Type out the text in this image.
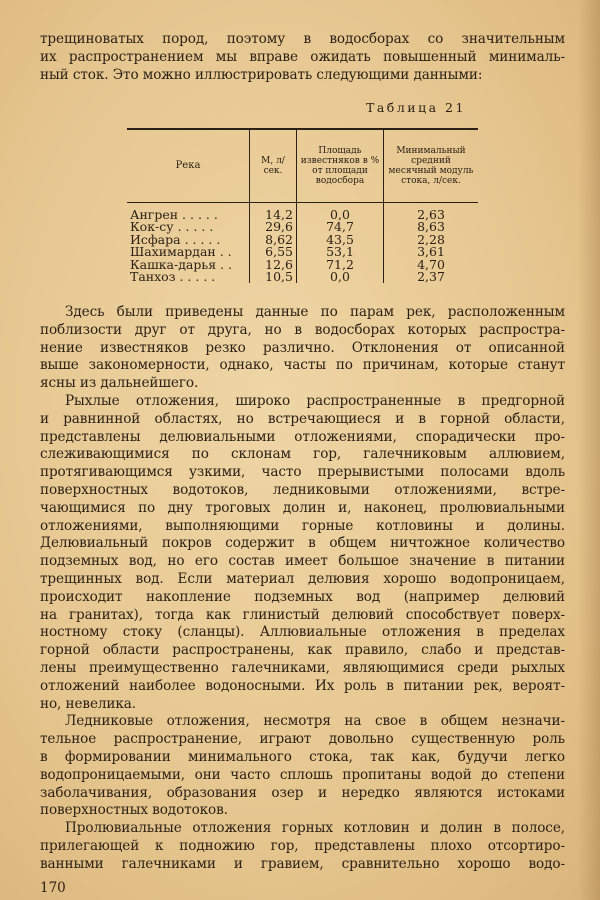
трещиноватых пород, поэтому в водосборах со значительным
их распространением мы вправе ожидать повышенный минималь-
ный сток. Это можно иллюстрировать следующими данными:
Таблица 21
Река	M, л/сек.	Площадь известняков в % от площади водосбора	Минимальный средний месячный модуль стока, л/сек.
Ангрен . . . . .	14,2	0,0	2,63
Кок-су . . . . .	29,6	74,7	8,63
Исфара . . . . .	8,62	43,5	2,28
Шахимардан . .	6,55	53,1	3,61
Кашка-дарья . .	12,6	71,2	4,70
Танхоз . . . . .	10,5	0,0	2,37
Здесь были приведены данные по парам рек, расположенным
поблизости друг от друга, но в водосборах которых распростра-
нение известняков резко различно. Отклонения от описанной
выше закономерности, однако, часты по причинам, которые станут
ясны из дальнейшего.
Рыхлые отложения, широко распространенные в предгорной
и равнинной областях, но встречающиеся и в горной области,
представлены делювиальными отложениями, спорадически про-
слеживающимися по склонам гор, галечниковым аллювием,
протягивающимся узкими, часто прерывистыми полосами вдоль
поверхностных водотоков, ледниковыми отложениями, встре-
чающимися по дну троговых долин и, наконец, пролювиальными
отложениями, выполняющими горные котловины и долины.
Делювиальный покров содержит в общем ничтожное количество
подземных вод, но его состав имеет большое значение в питании
трещинных вод. Если материал делювия хорошо водопроницаем,
происходит накопление подземных вод (например делювий
на гранитах), тогда как глинистый делювий способствует поверх-
ностному стоку (сланцы). Аллювиальные отложения в пределах
горной области распространены, как правило, слабо и представ-
лены преимущественно галечниками, являющимися среди рыхлых
отложений наиболее водоносными. Их роль в питании рек, вероят-
но, невелика.
Ледниковые отложения, несмотря на свое в общем незначи-
тельное распространение, играют довольно существенную роль
в формировании минимального стока, так как, будучи легко
водопроницаемыми, они часто сплошь пропитаны водой до степени
заболачивания, образования озер и нередко являются истоками
поверхностных водотоков.
Пролювиальные отложения горных котловин и долин в полосе,
прилегающей к подножию гор, представлены плохо отсортиро-
ванными галечниками и гравием, сравнительно хорошо водо-
170
